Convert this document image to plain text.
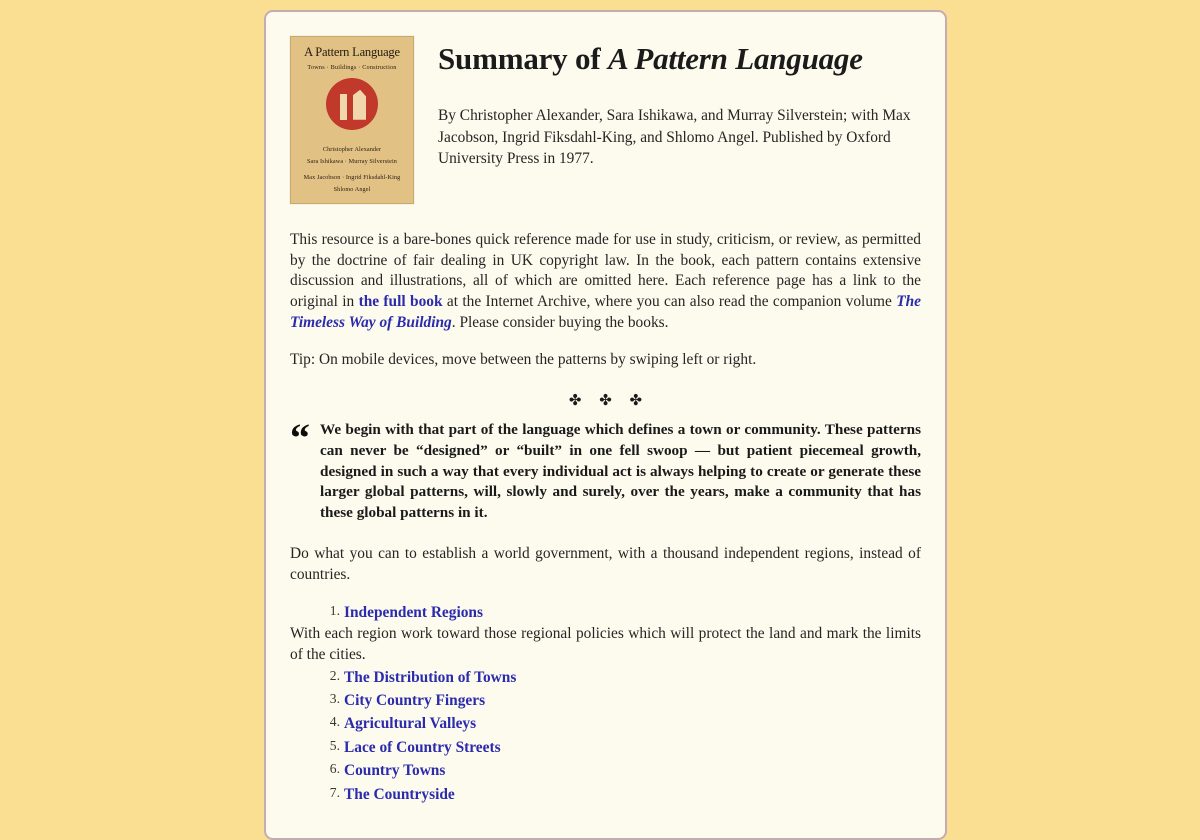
A Pattern Language
Towns · Buildings · Construction
Christopher Alexander
Sara Ishikawa · Murray Silverstein
Max Jacobson · Ingrid Fiksdahl-King
Shlomo Angel
Summary of A Pattern Language

By Christopher Alexander, Sara Ishikawa, and Murray Silverstein; with Max Jacobson, Ingrid Fiksdahl-King, and Shlomo Angel. Published by Oxford University Press in 1977.

This resource is a bare-bones quick reference made for use in study, criticism, or review, as permitted by the doctrine of fair dealing in UK copyright law. In the book, each pattern contains extensive discussion and illustrations, all of which are omitted here. Each reference page has a link to the original in the full book at the Internet Archive, where you can also read the companion volume The Timeless Way of Building. Please consider buying the books.

Tip: On mobile devices, move between the patterns by swiping left or right.

✤ ✤ ✤
“ We begin with that part of the language which defines a town or community. These patterns can never be “designed” or “built” in one fell swoop — but patient piecemeal growth, designed in such a way that every individual act is always helping to create or generate these larger global patterns, will, slowly and surely, over the years, make a community that has these global patterns in it.

Do what you can to establish a world government, with a thousand independent regions, instead of countries.

1. Independent Regions

With each region work toward those regional policies which will protect the land and mark the limits of the cities.

2. The Distribution of Towns
3. City Country Fingers
4. Agricultural Valleys
5. Lace of Country Streets
6. Country Towns
7. The Countryside
